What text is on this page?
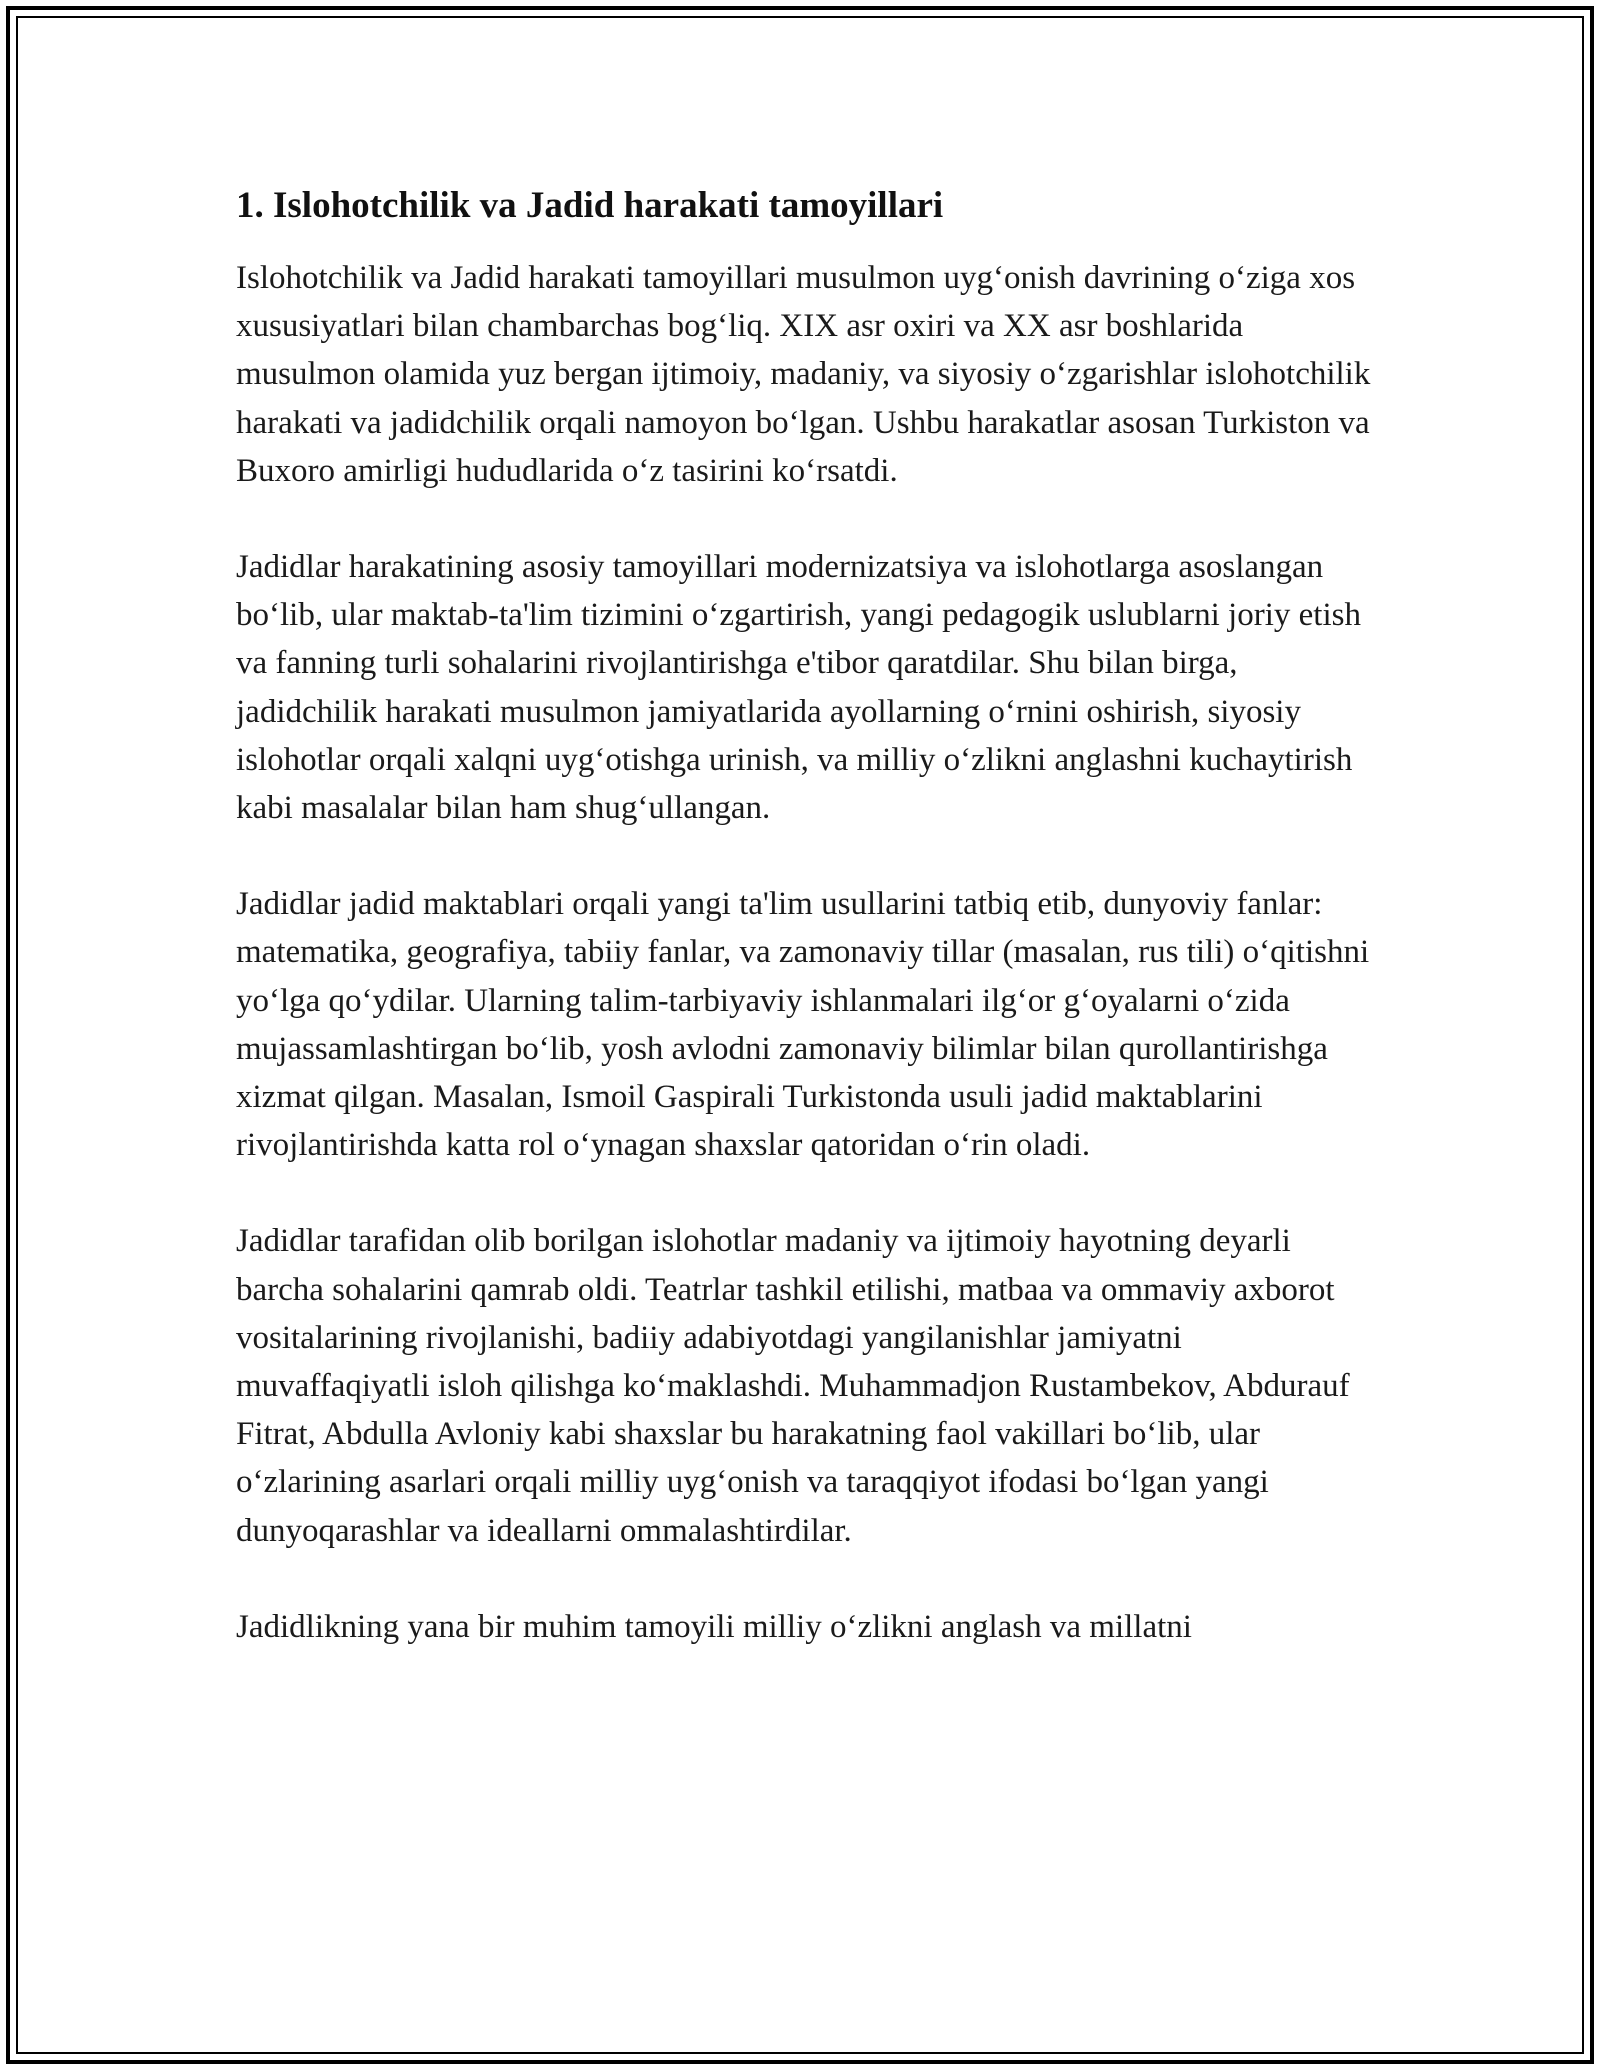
1. Islohotchilik va Jadid harakati tamoyillari

Islohotchilik va Jadid harakati tamoyillari musulmon uygʻonish davrining oʻziga xos xususiyatlari bilan chambarchas bogʻliq. XIX asr oxiri va XX asr boshlarida musulmon olamida yuz bergan ijtimoiy, madaniy, va siyosiy oʻzgarishlar islohotchilik harakati va jadidchilik orqali namoyon boʻlgan. Ushbu harakatlar asosan Turkiston va Buxoro amirligi hududlarida oʻz tasirini koʻrsatdi.

Jadidlar harakatining asosiy tamoyillari modernizatsiya va islohotlarga asoslangan boʻlib, ular maktab-ta'lim tizimini oʻzgartirish, yangi pedagogik uslublarni joriy etish va fanning turli sohalarini rivojlantirishga e'tibor qaratdilar. Shu bilan birga, jadidchilik harakati musulmon jamiyatlarida ayollarning oʻrnini oshirish, siyosiy islohotlar orqali xalqni uygʻotishga urinish, va milliy oʻzlikni anglashni kuchaytirish kabi masalalar bilan ham shugʻullangan.

Jadidlar jadid maktablari orqali yangi ta'lim usullarini tatbiq etib, dunyoviy fanlar: matematika, geografiya, tabiiy fanlar, va zamonaviy tillar (masalan, rus tili) oʻqitishni yoʻlga qoʻydilar. Ularning talim-tarbiyaviy ishlanmalari ilgʻor gʻoyalarni oʻzida mujassamlashtirgan boʻlib, yosh avlodni zamonaviy bilimlar bilan qurollantirishga xizmat qilgan. Masalan, Ismoil Gaspirali Turkistonda usuli jadid maktablarini rivojlantirishda katta rol oʻynagan shaxslar qatoridan oʻrin oladi.

Jadidlar tarafidan olib borilgan islohotlar madaniy va ijtimoiy hayotning deyarli barcha sohalarini qamrab oldi. Teatrlar tashkil etilishi, matbaa va ommaviy axborot vositalarining rivojlanishi, badiiy adabiyotdagi yangilanishlar jamiyatni muvaffaqiyatli isloh qilishga koʻmaklashdi. Muhammadjon Rustambekov, Abdurauf Fitrat, Abdulla Avloniy kabi shaxslar bu harakatning faol vakillari boʻlib, ular oʻzlarining asarlari orqali milliy uygʻonish va taraqqiyot ifodasi boʻlgan yangi dunyoqarashlar va ideallarni ommalashtirdilar.

Jadidlikning yana bir muhim tamoyili milliy oʻzlikni anglash va millatni
